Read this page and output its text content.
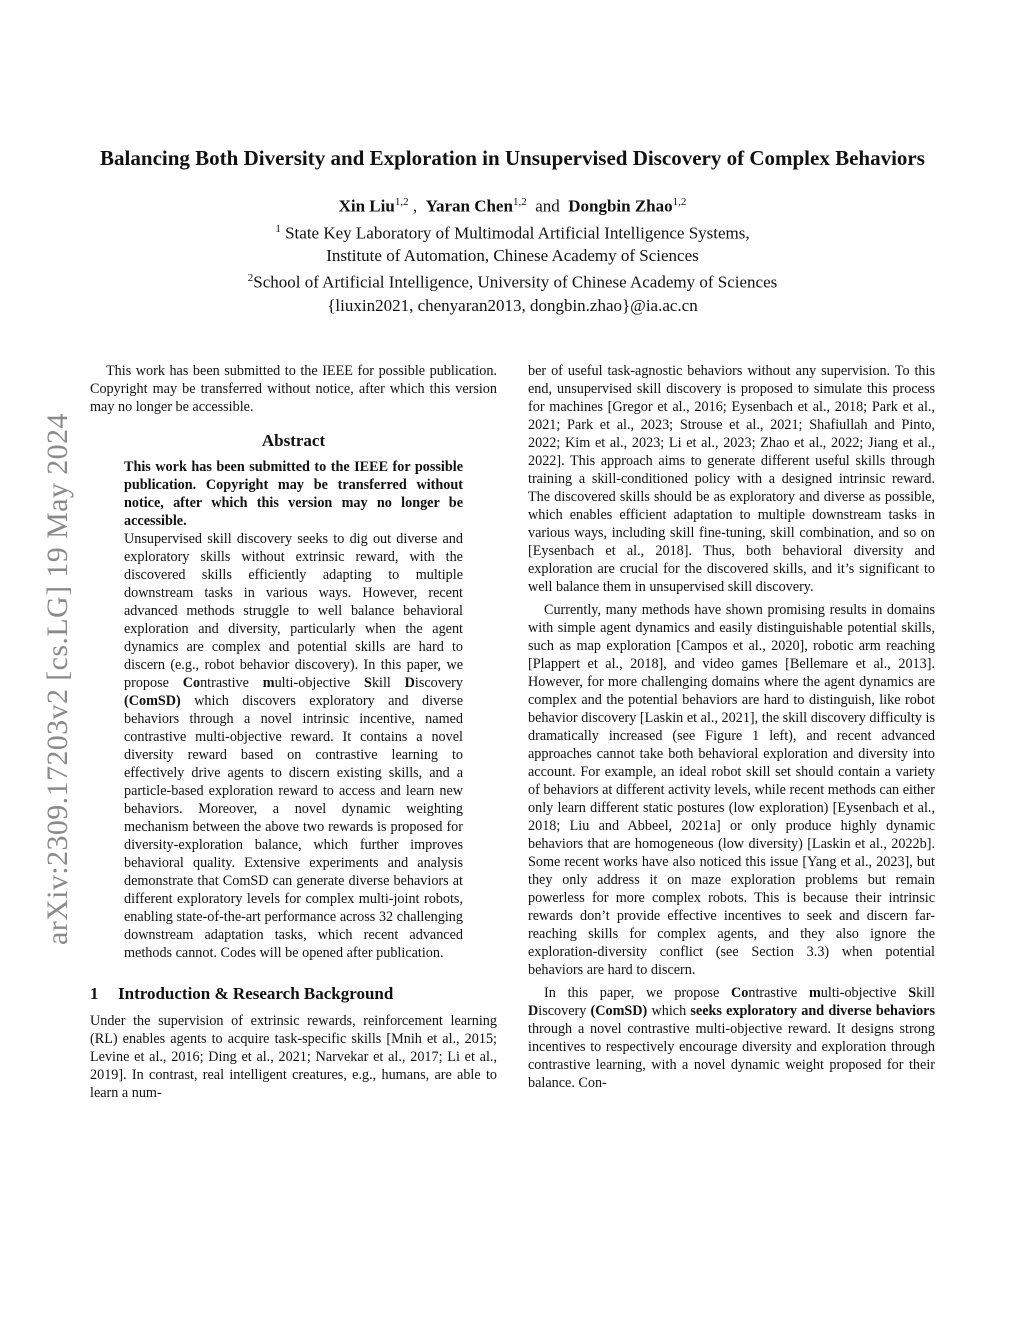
arXiv:2309.17203v2 [cs.LG] 19 May 2024
Balancing Both Diversity and Exploration in Unsupervised Discovery of Complex Behaviors
Xin Liu$^{1,2}$ ,  Yaran Chen$^{1,2}$  and  Dongbin Zhao$^{1,2}$
$^1$ State Key Laboratory of Multimodal Artificial Intelligence Systems,
Institute of Automation, Chinese Academy of Sciences
$^2$School of Artificial Intelligence, University of Chinese Academy of Sciences
{liuxin2021, chenyaran2013, dongbin.zhao}@ia.ac.cn

This work has been submitted to the IEEE for possible publication. Copyright may be transferred without notice, after which this version may no longer be accessible.

Abstract

This work has been submitted to the IEEE for possible publication. Copyright may be transferred without notice, after which this version may no longer be accessible.

Unsupervised skill discovery seeks to dig out diverse and exploratory skills without extrinsic reward, with the discovered skills efficiently adapting to multiple downstream tasks in various ways. However, recent advanced methods struggle to well balance behavioral exploration and diversity, particularly when the agent dynamics are complex and potential skills are hard to discern (e.g., robot behavior discovery). In this paper, we propose Contrastive multi-objective Skill Discovery (ComSD) which discovers exploratory and diverse behaviors through a novel intrinsic incentive, named contrastive multi-objective reward. It contains a novel diversity reward based on contrastive learning to effectively drive agents to discern existing skills, and a particle-based exploration reward to access and learn new behaviors. Moreover, a novel dynamic weighting mechanism between the above two rewards is proposed for diversity-exploration balance, which further improves behavioral quality. Extensive experiments and analysis demonstrate that ComSD can generate diverse behaviors at different exploratory levels for complex multi-joint robots, enabling state-of-the-art performance across 32 challenging downstream adaptation tasks, which recent advanced methods cannot. Codes will be opened after publication.

1 Introduction & Research Background

Under the supervision of extrinsic rewards, reinforcement learning (RL) enables agents to acquire task-specific skills [Mnih et al., 2015; Levine et al., 2016; Ding et al., 2021; Narvekar et al., 2017; Li et al., 2019]. In contrast, real intelligent creatures, e.g., humans, are able to learn a num-

ber of useful task-agnostic behaviors without any supervision. To this end, unsupervised skill discovery is proposed to simulate this process for machines [Gregor et al., 2016; Eysenbach et al., 2018; Park et al., 2021; Park et al., 2023; Strouse et al., 2021; Shafiullah and Pinto, 2022; Kim et al., 2023; Li et al., 2023; Zhao et al., 2022; Jiang et al., 2022]. This approach aims to generate different useful skills through training a skill-conditioned policy with a designed intrinsic reward. The discovered skills should be as exploratory and diverse as possible, which enables efficient adaptation to multiple downstream tasks in various ways, including skill fine-tuning, skill combination, and so on [Eysenbach et al., 2018]. Thus, both behavioral diversity and exploration are crucial for the discovered skills, and it’s significant to well balance them in unsupervised skill discovery.

Currently, many methods have shown promising results in domains with simple agent dynamics and easily distinguishable potential skills, such as map exploration [Campos et al., 2020], robotic arm reaching [Plappert et al., 2018], and video games [Bellemare et al., 2013]. However, for more challenging domains where the agent dynamics are complex and the potential behaviors are hard to distinguish, like robot behavior discovery [Laskin et al., 2021], the skill discovery difficulty is dramatically increased (see Figure 1 left), and recent advanced approaches cannot take both behavioral exploration and diversity into account. For example, an ideal robot skill set should contain a variety of behaviors at different activity levels, while recent methods can either only learn different static postures (low exploration) [Eysenbach et al., 2018; Liu and Abbeel, 2021a] or only produce highly dynamic behaviors that are homogeneous (low diversity) [Laskin et al., 2022b]. Some recent works have also noticed this issue [Yang et al., 2023], but they only address it on maze exploration problems but remain powerless for more complex robots. This is because their intrinsic rewards don’t provide effective incentives to seek and discern far-reaching skills for complex agents, and they also ignore the exploration-diversity conflict (see Section 3.3) when potential behaviors are hard to discern.

In this paper, we propose Contrastive multi-objective Skill Discovery (ComSD) which seeks exploratory and diverse behaviors through a novel contrastive multi-objective reward. It designs strong incentives to respectively encourage diversity and exploration through contrastive learning, with a novel dynamic weight proposed for their balance. Con-
